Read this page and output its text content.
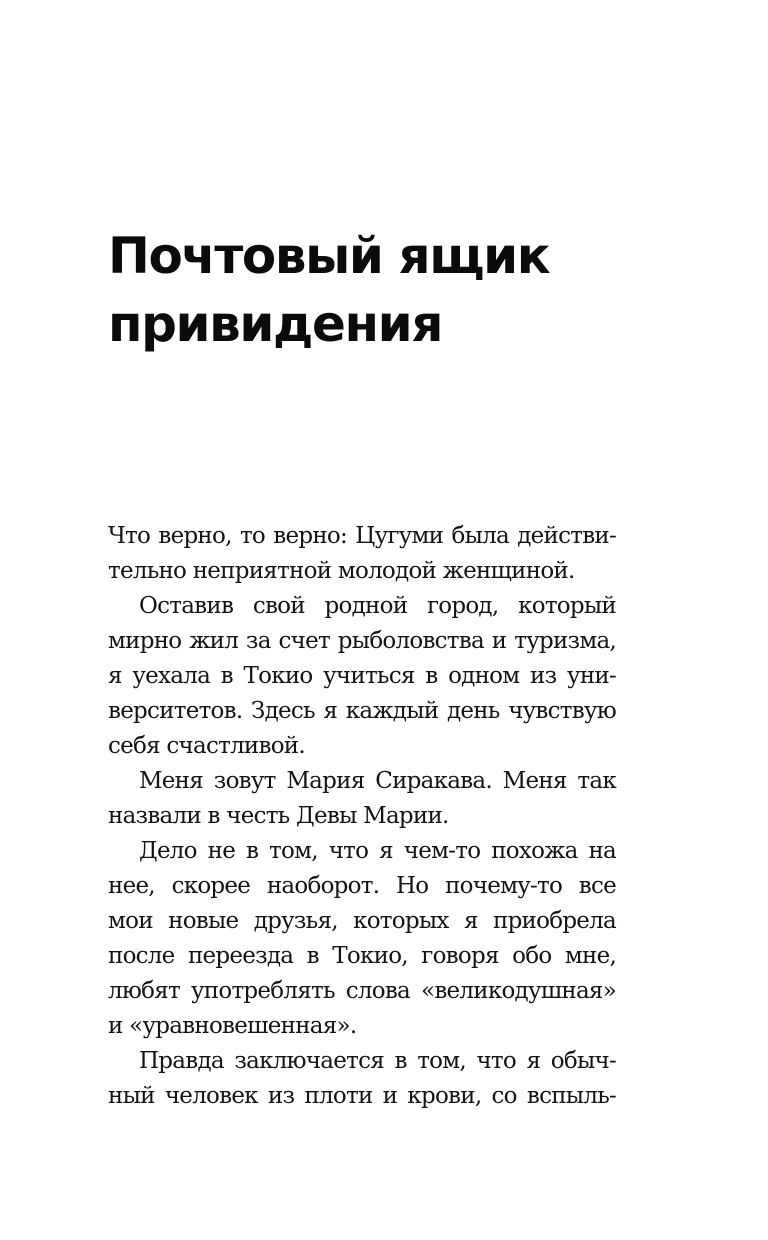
Почтовый ящик
привидения
Что верно, то верно: Цугуми была действи-
тельно неприятной молодой женщиной.
Оставив свой родной город, который
мирно жил за счет рыболовства и туризма,
я уехала в Токио учиться в одном из уни-
верситетов. Здесь я каждый день чувствую
себя счастливой.
Меня зовут Мария Сиракава. Меня так
назвали в честь Девы Марии.
Дело не в том, что я чем-то похожа на
нее, скорее наоборот. Но почему-то все
мои новые друзья, которых я приобрела
после переезда в Токио, говоря обо мне,
любят употреблять слова «великодушная»
и «уравновешенная».
Правда заключается в том, что я обыч-
ный человек из плоти и крови, со вспыль-
